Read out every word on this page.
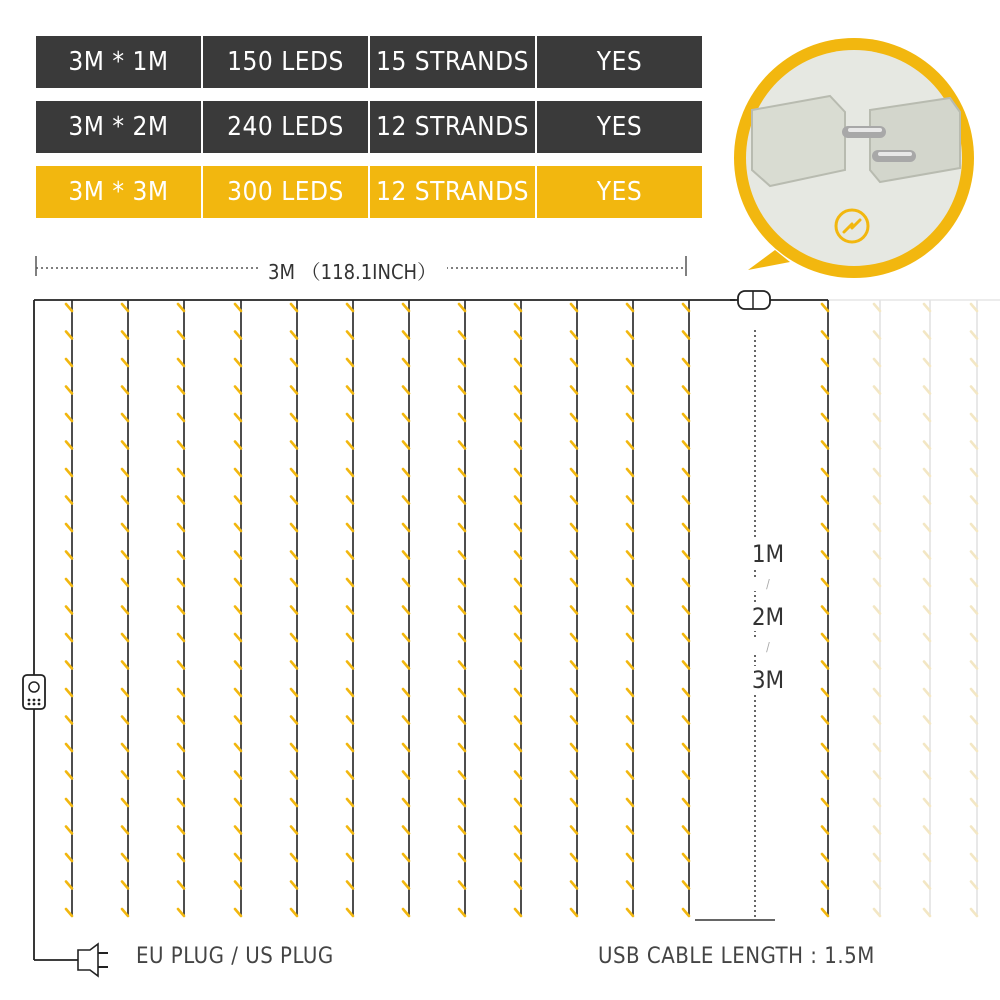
3M * 1M	150 LEDS	15 STRANDS	YES
3M * 2M	240 LEDS	12 STRANDS	YES
3M * 3M	300 LEDS	12 STRANDS	YES
3M （118.1INCH）
1M
/
2M
/
3M
EU PLUG / US PLUG	USB CABLE LENGTH : 1.5M
